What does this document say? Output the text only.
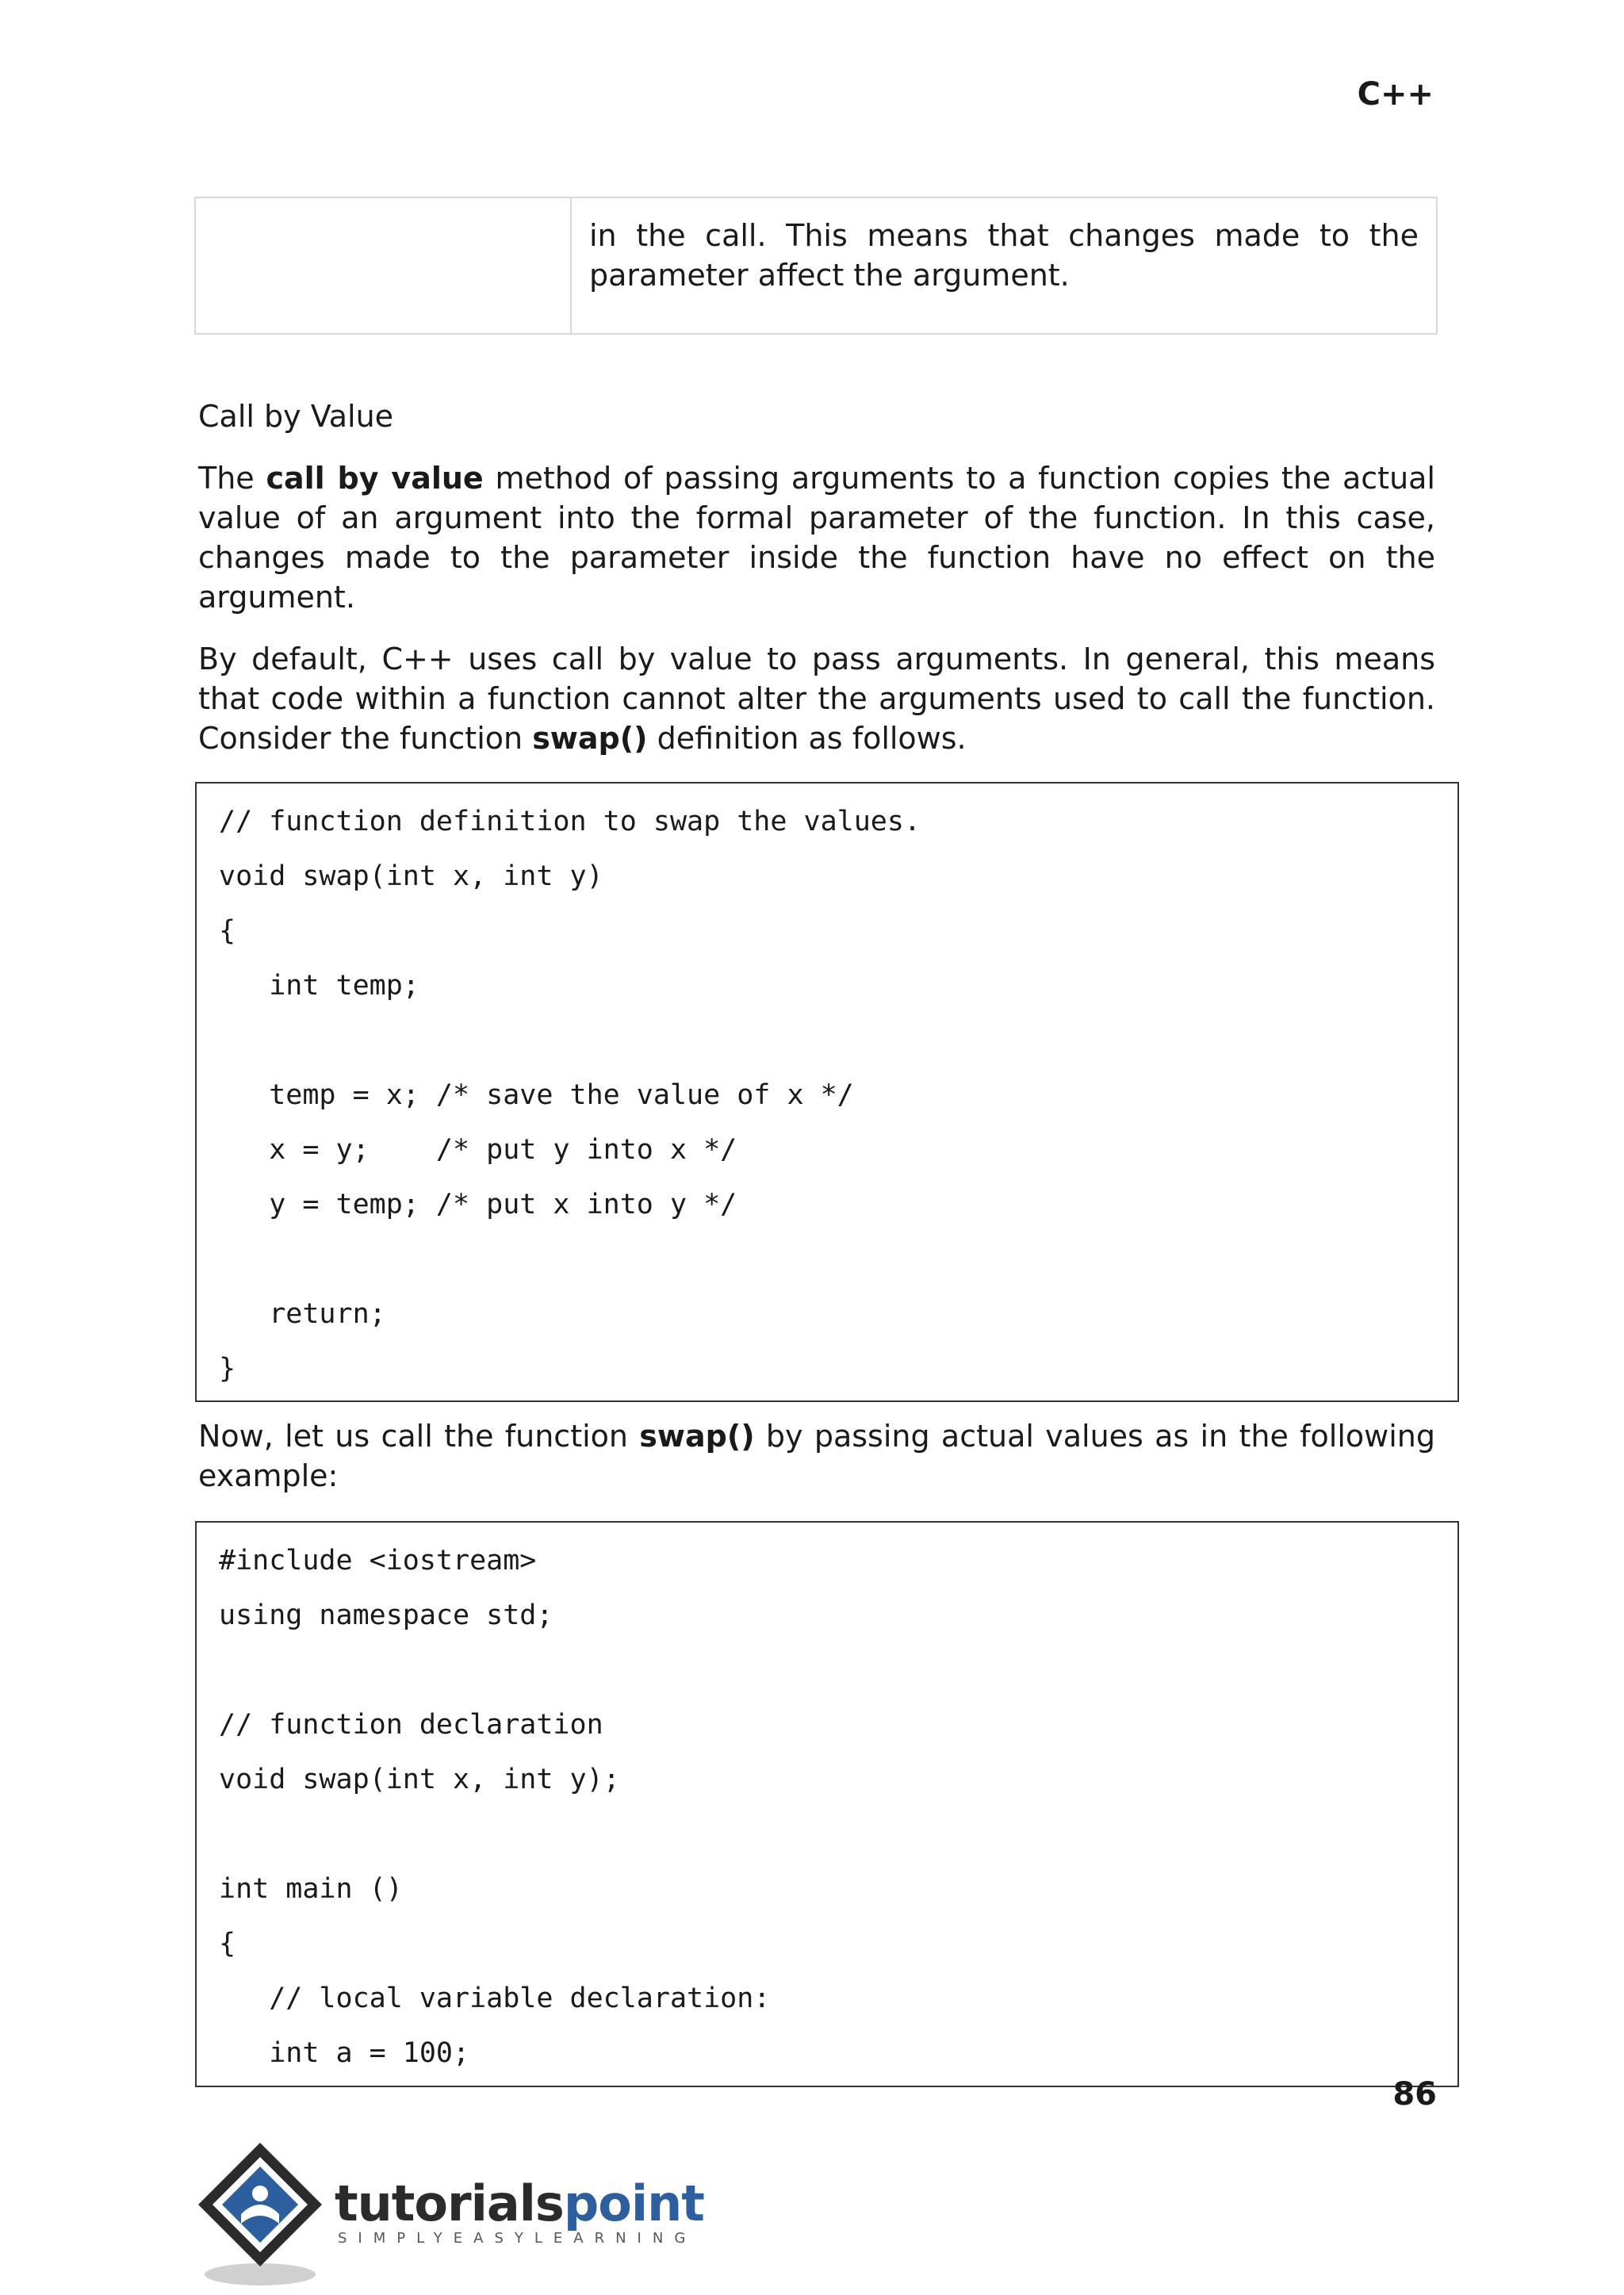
C++
in the call. This means that changes made to the parameter affect the argument.
Call by Value

The call by value method of passing arguments to a function copies the actual value of an argument into the formal parameter of the function. In this case, changes made to the parameter inside the function have no effect on the argument.

By default, C++ uses call by value to pass arguments. In general, this means that code within a function cannot alter the arguments used to call the function. Consider the function swap() definition as follows.

// function definition to swap the values.
void swap(int x, int y)
{
int temp;
temp = x; /* save the value of x */
x = y;    /* put y into x */
y = temp; /* put x into y */
return;
}

Now, let us call the function swap() by passing actual values as in the following example:

#include <iostream>
using namespace std;
// function declaration
void swap(int x, int y);
int main ()
{
// local variable declaration:
int a = 100;
86
tutorialspoint
SIMPLYEASYLEARNING
